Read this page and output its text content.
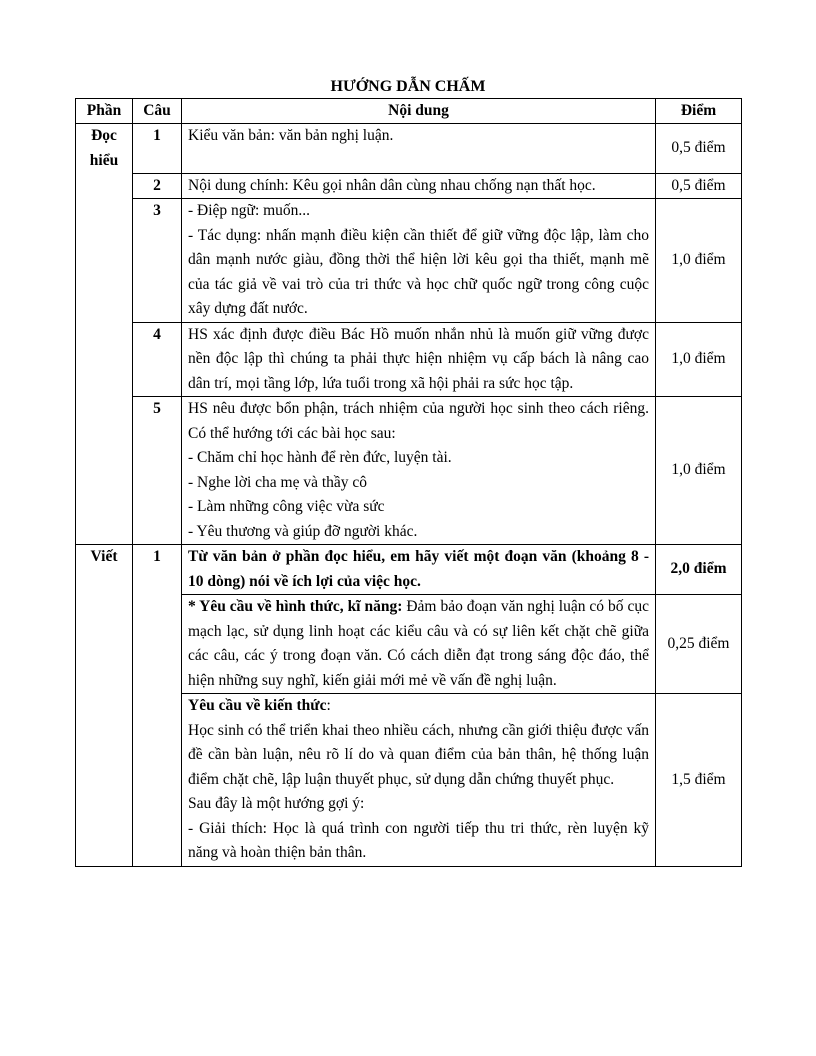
HƯỚNG DẪN CHẤM
Phần	Câu	Nội dung	Điểm

Đọc
hiểu	1	Kiểu văn bản: văn bản nghị luận.	0,5 điểm
	2	Nội dung chính: Kêu gọi nhân dân cùng nhau chống nạn thất học.	0,5 điểm
	3	- Điệp ngữ: muốn...
- Tác dụng: nhấn mạnh điều kiện cần thiết để giữ vững độc lập, làm cho dân mạnh nước giàu, đồng thời thể hiện lời kêu gọi tha thiết, mạnh mẽ của tác giả về vai trò của tri thức và học chữ quốc ngữ trong công cuộc xây dựng đất nước.	1,0 điểm
	4	HS xác định được điều Bác Hồ muốn nhắn nhủ là muốn giữ vững được nền độc lập thì chúng ta phải thực hiện nhiệm vụ cấp bách là nâng cao dân trí, mọi tầng lớp, lứa tuổi trong xã hội phải ra sức học tập.	1,0 điểm
	5	HS nêu được bổn phận, trách nhiệm của người học sinh theo cách riêng. Có thể hướng tới các bài học sau:
- Chăm chỉ học hành để rèn đức, luyện tài.
- Nghe lời cha mẹ và thầy cô
- Làm những công việc vừa sức
- Yêu thương và giúp đỡ người khác.	1,0 điểm
Viết	1	Từ văn bản ở phần đọc hiểu, em hãy viết một đoạn văn (khoảng 8 - 10 dòng) nói về ích lợi của việc học.	2,0 điểm
		* Yêu cầu về hình thức, kĩ năng: Đảm bảo đoạn văn nghị luận có bố cục mạch lạc, sử dụng linh hoạt các kiểu câu và có sự liên kết chặt chẽ giữa các câu, các ý trong đoạn văn. Có cách diễn đạt trong sáng độc đáo, thể hiện những suy nghĩ, kiến giải mới mẻ về vấn đề nghị luận.	0,25 điểm

		Yêu cầu về kiến thức:
Học sinh có thể triển khai theo nhiều cách, nhưng cần giới thiệu được vấn đề cần bàn luận, nêu rõ lí do và quan điểm của bản thân, hệ thống luận điểm chặt chẽ, lập luận thuyết phục, sử dụng dẫn chứng thuyết phục.
Sau đây là một hướng gợi ý:
- Giải thích: Học là quá trình con người tiếp thu tri thức, rèn luyện kỹ năng và hoàn thiện bản thân.	1,5 điểm
